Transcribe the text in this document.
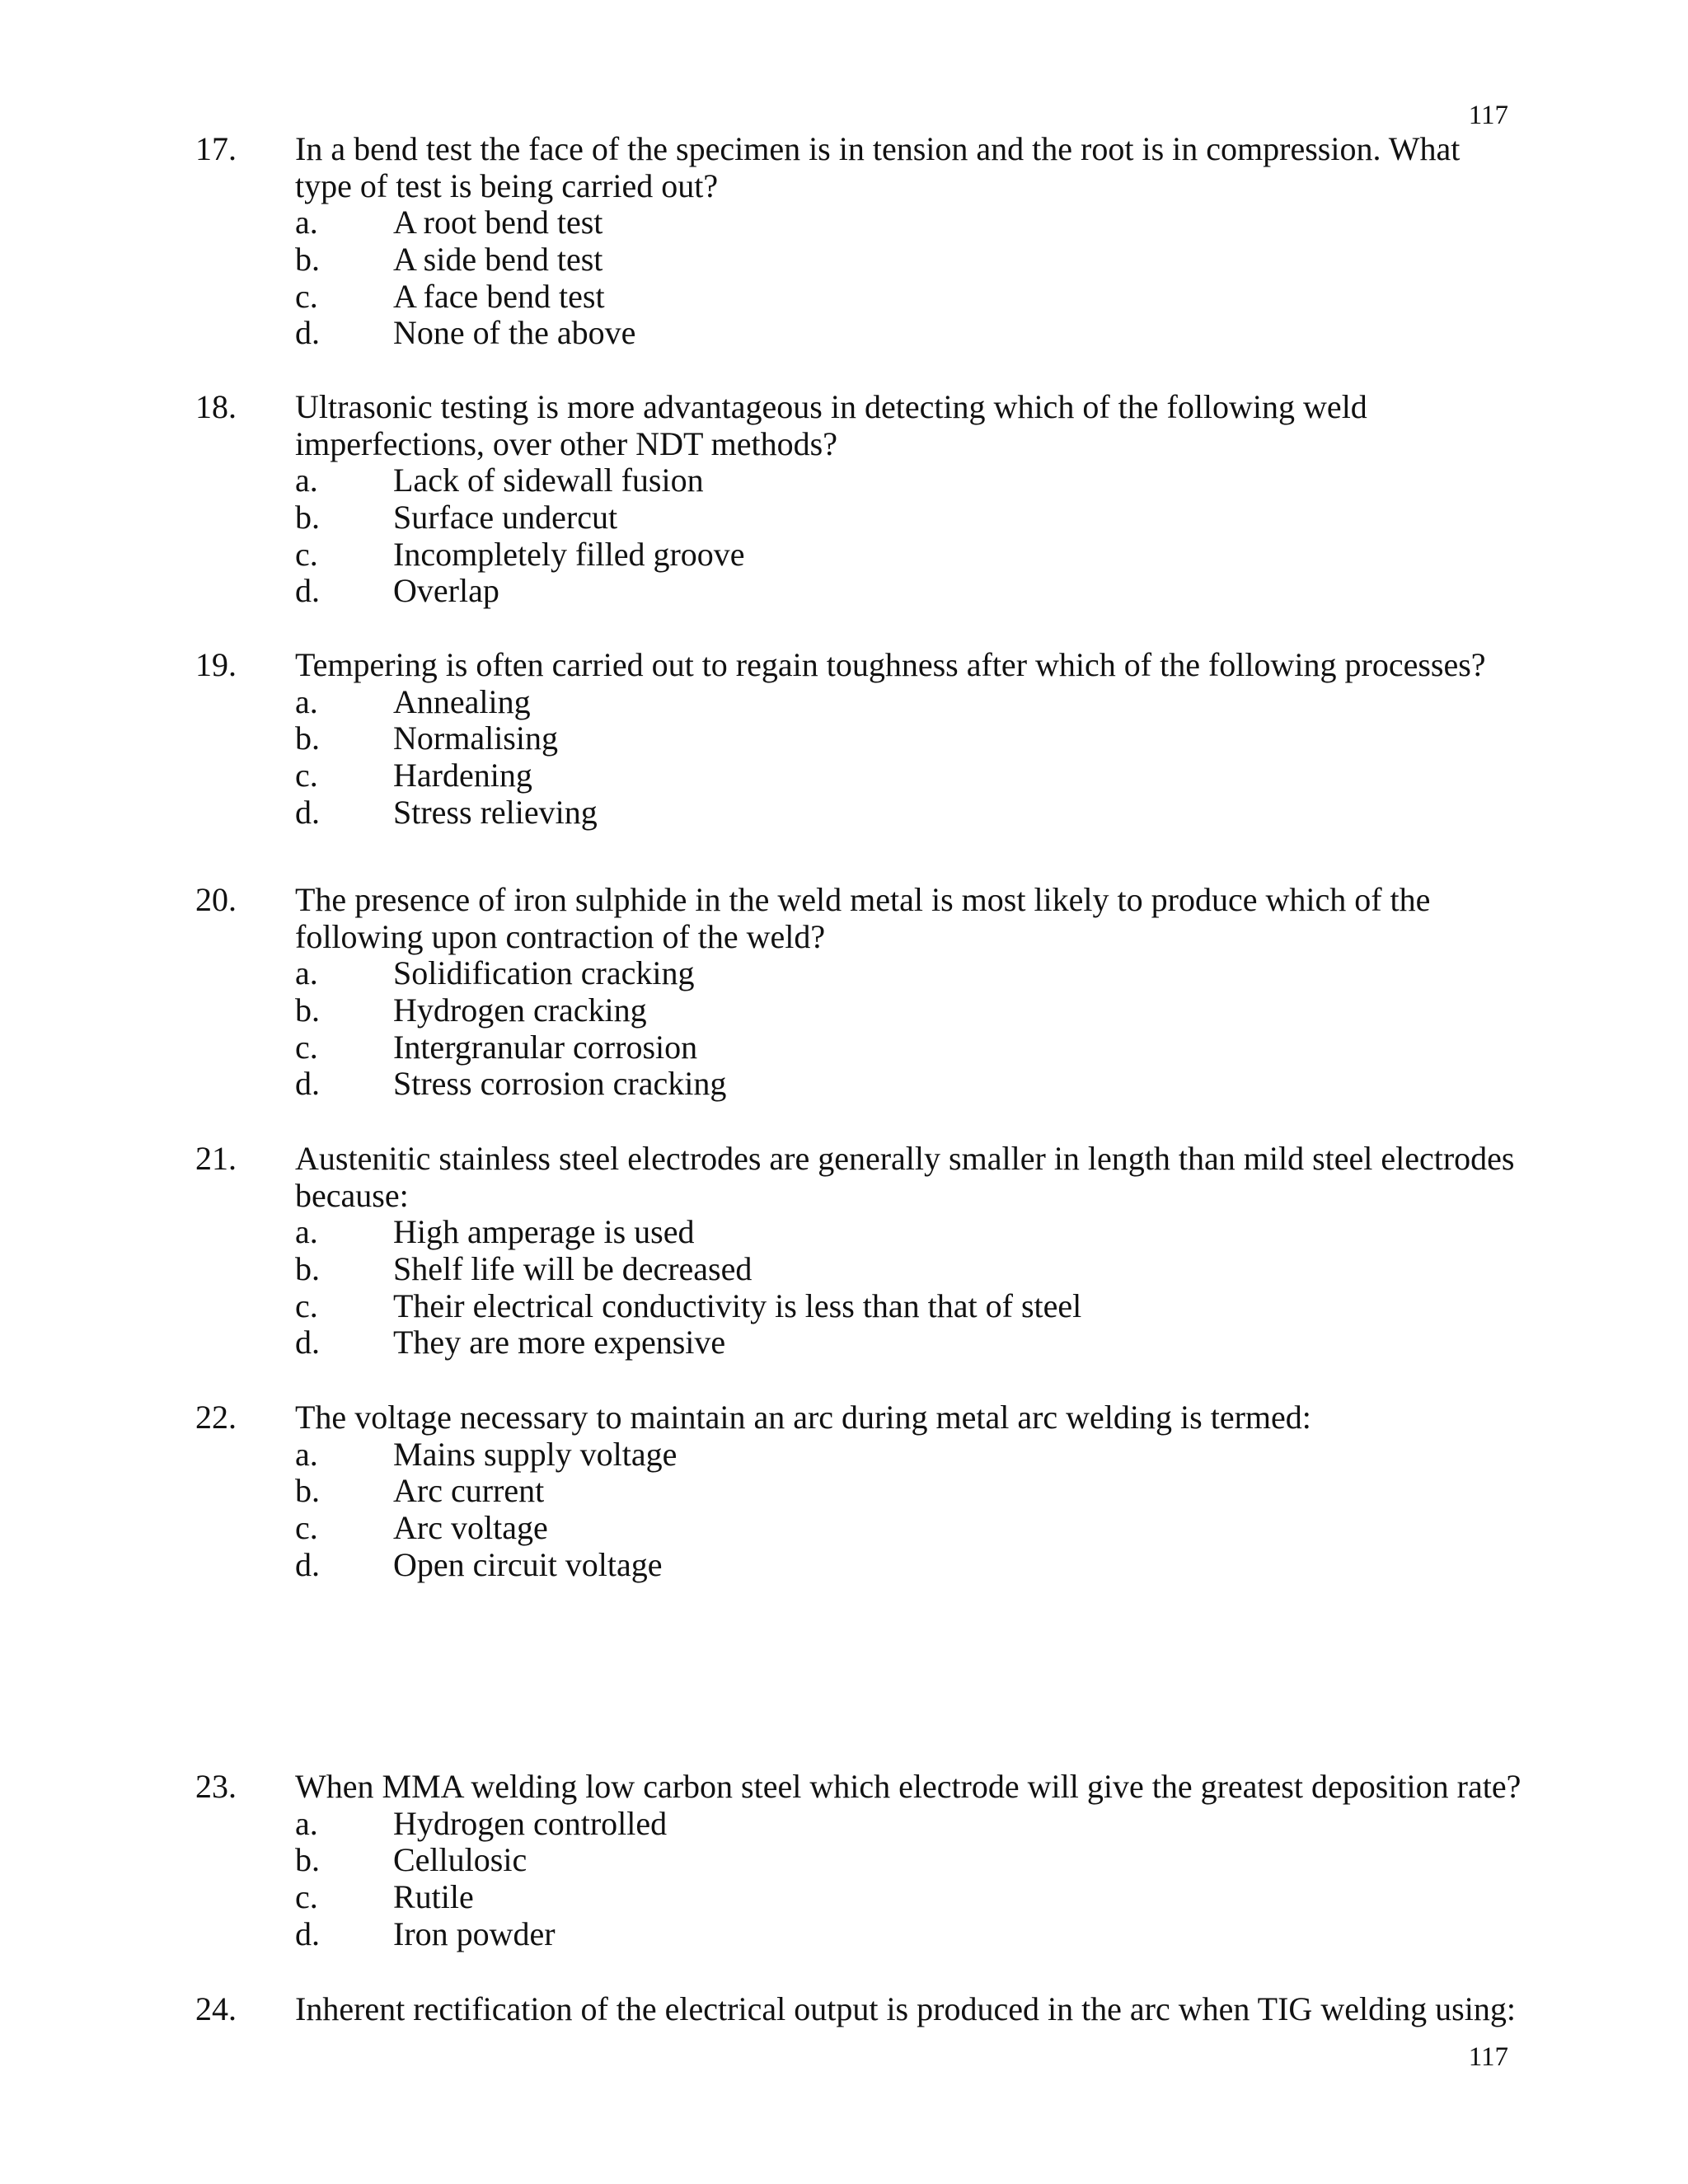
117
17. In a bend test the face of the specimen is in tension and the root is in compression. What type of test is being carried out?
a. A root bend test
b. A side bend test
c. A face bend test
d. None of the above
18. Ultrasonic testing is more advantageous in detecting which of the following weld imperfections, over other NDT methods?
a. Lack of sidewall fusion
b. Surface undercut
c. Incompletely filled groove
d. Overlap
19. Tempering is often carried out to regain toughness after which of the following processes?
a. Annealing
b. Normalising
c. Hardening
d. Stress relieving
20. The presence of iron sulphide in the weld metal is most likely to produce which of the following upon contraction of the weld?
a. Solidification cracking
b. Hydrogen cracking
c. Intergranular corrosion
d. Stress corrosion cracking
21. Austenitic stainless steel electrodes are generally smaller in length than mild steel electrodes because:
a. High amperage is used
b. Shelf life will be decreased
c. Their electrical conductivity is less than that of steel
d. They are more expensive
22. The voltage necessary to maintain an arc during metal arc welding is termed:
a. Mains supply voltage
b. Arc current
c. Arc voltage
d. Open circuit voltage
23. When MMA welding low carbon steel which electrode will give the greatest deposition rate?
a. Hydrogen controlled
b. Cellulosic
c. Rutile
d. Iron powder
24. Inherent rectification of the electrical output is produced in the arc when TIG welding using:
117
